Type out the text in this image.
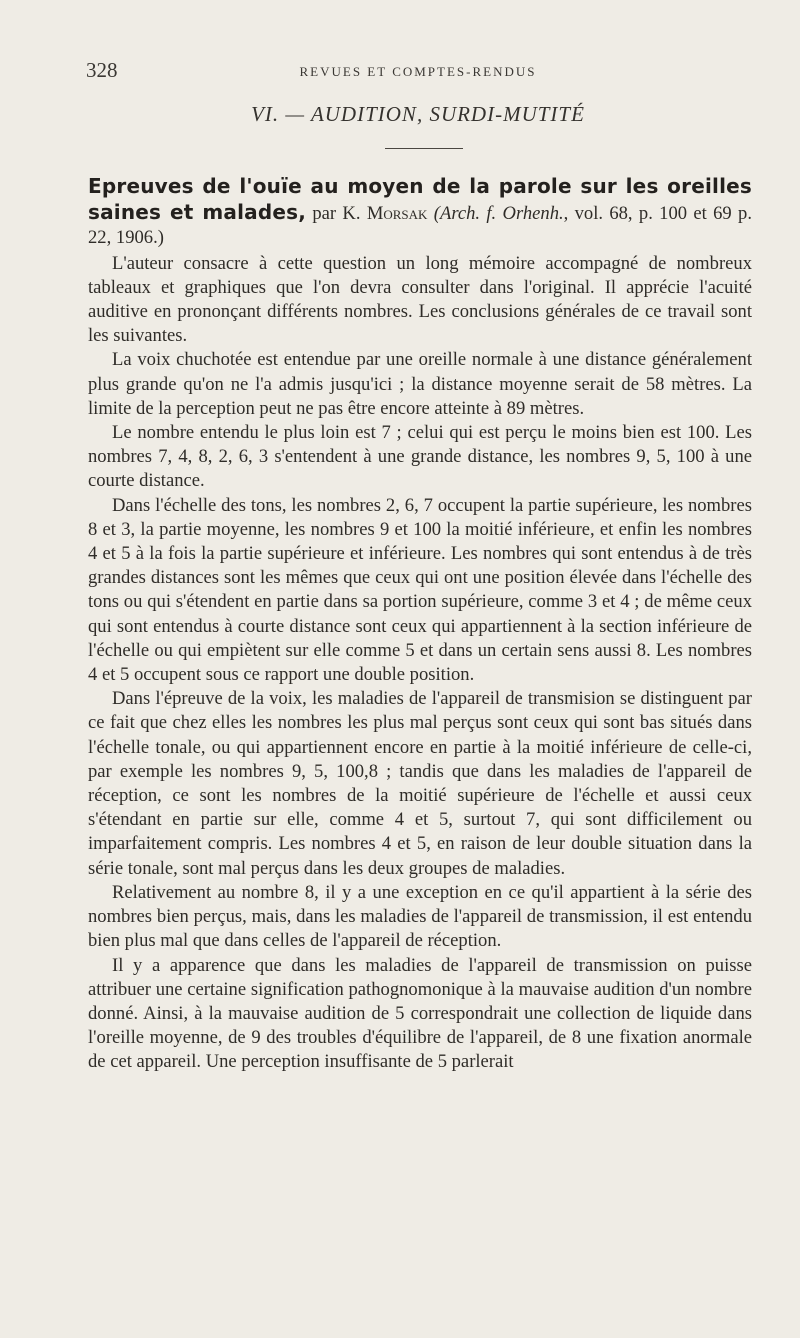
328	REVUES ET COMPTES-RENDUS
VI. — AUDITION, SURDI-MUTITÉ
Epreuves de l'ouïe au moyen de la parole sur les oreilles saines et malades, par K. Morsak (Arch. f. Orhenh., vol. 68, p. 100 et 69 p. 22, 1906.)

L'auteur consacre à cette question un long mémoire accompagné de nombreux tableaux et graphiques que l'on devra consulter dans l'original. Il apprécie l'acuité auditive en prononçant différents nombres. Les conclusions générales de ce travail sont les suivantes.

La voix chuchotée est entendue par une oreille normale à une distance généralement plus grande qu'on ne l'a admis jusqu'ici ; la distance moyenne serait de 58 mètres. La limite de la perception peut ne pas être encore atteinte à 89 mètres.

Le nombre entendu le plus loin est 7 ; celui qui est perçu le moins bien est 100. Les nombres 7, 4, 8, 2, 6, 3 s'entendent à une grande distance, les nombres 9, 5, 100 à une courte distance.

Dans l'échelle des tons, les nombres 2, 6, 7 occupent la partie supérieure, les nombres 8 et 3, la partie moyenne, les nombres 9 et 100 la moitié inférieure, et enfin les nombres 4 et 5 à la fois la partie supérieure et inférieure. Les nombres qui sont entendus à de très grandes distances sont les mêmes que ceux qui ont une position élevée dans l'échelle des tons ou qui s'étendent en partie dans sa portion supérieure, comme 3 et 4 ; de même ceux qui sont entendus à courte distance sont ceux qui appartiennent à la section inférieure de l'échelle ou qui empiètent sur elle comme 5 et dans un certain sens aussi 8. Les nombres 4 et 5 occupent sous ce rapport une double position.

Dans l'épreuve de la voix, les maladies de l'appareil de transmision se distinguent par ce fait que chez elles les nombres les plus mal perçus sont ceux qui sont bas situés dans l'échelle tonale, ou qui appartiennent encore en partie à la moitié inférieure de celle-ci, par exemple les nombres 9, 5, 100,8 ; tandis que dans les maladies de l'appareil de réception, ce sont les nombres de la moitié supérieure de l'échelle et aussi ceux s'étendant en partie sur elle, comme 4 et 5, surtout 7, qui sont difficilement ou imparfaitement compris. Les nombres 4 et 5, en raison de leur double situation dans la série tonale, sont mal perçus dans les deux groupes de maladies.

Relativement au nombre 8, il y a une exception en ce qu'il appartient à la série des nombres bien perçus, mais, dans les maladies de l'appareil de transmission, il est entendu bien plus mal que dans celles de l'appareil de réception.

Il y a apparence que dans les maladies de l'appareil de transmission on puisse attribuer une certaine signification pathognomonique à la mauvaise audition d'un nombre donné. Ainsi, à la mauvaise audition de 5 correspondrait une collection de liquide dans l'oreille moyenne, de 9 des troubles d'équilibre de l'appareil, de 8 une fixation anormale de cet appareil. Une perception insuffisante de 5 parlerait
